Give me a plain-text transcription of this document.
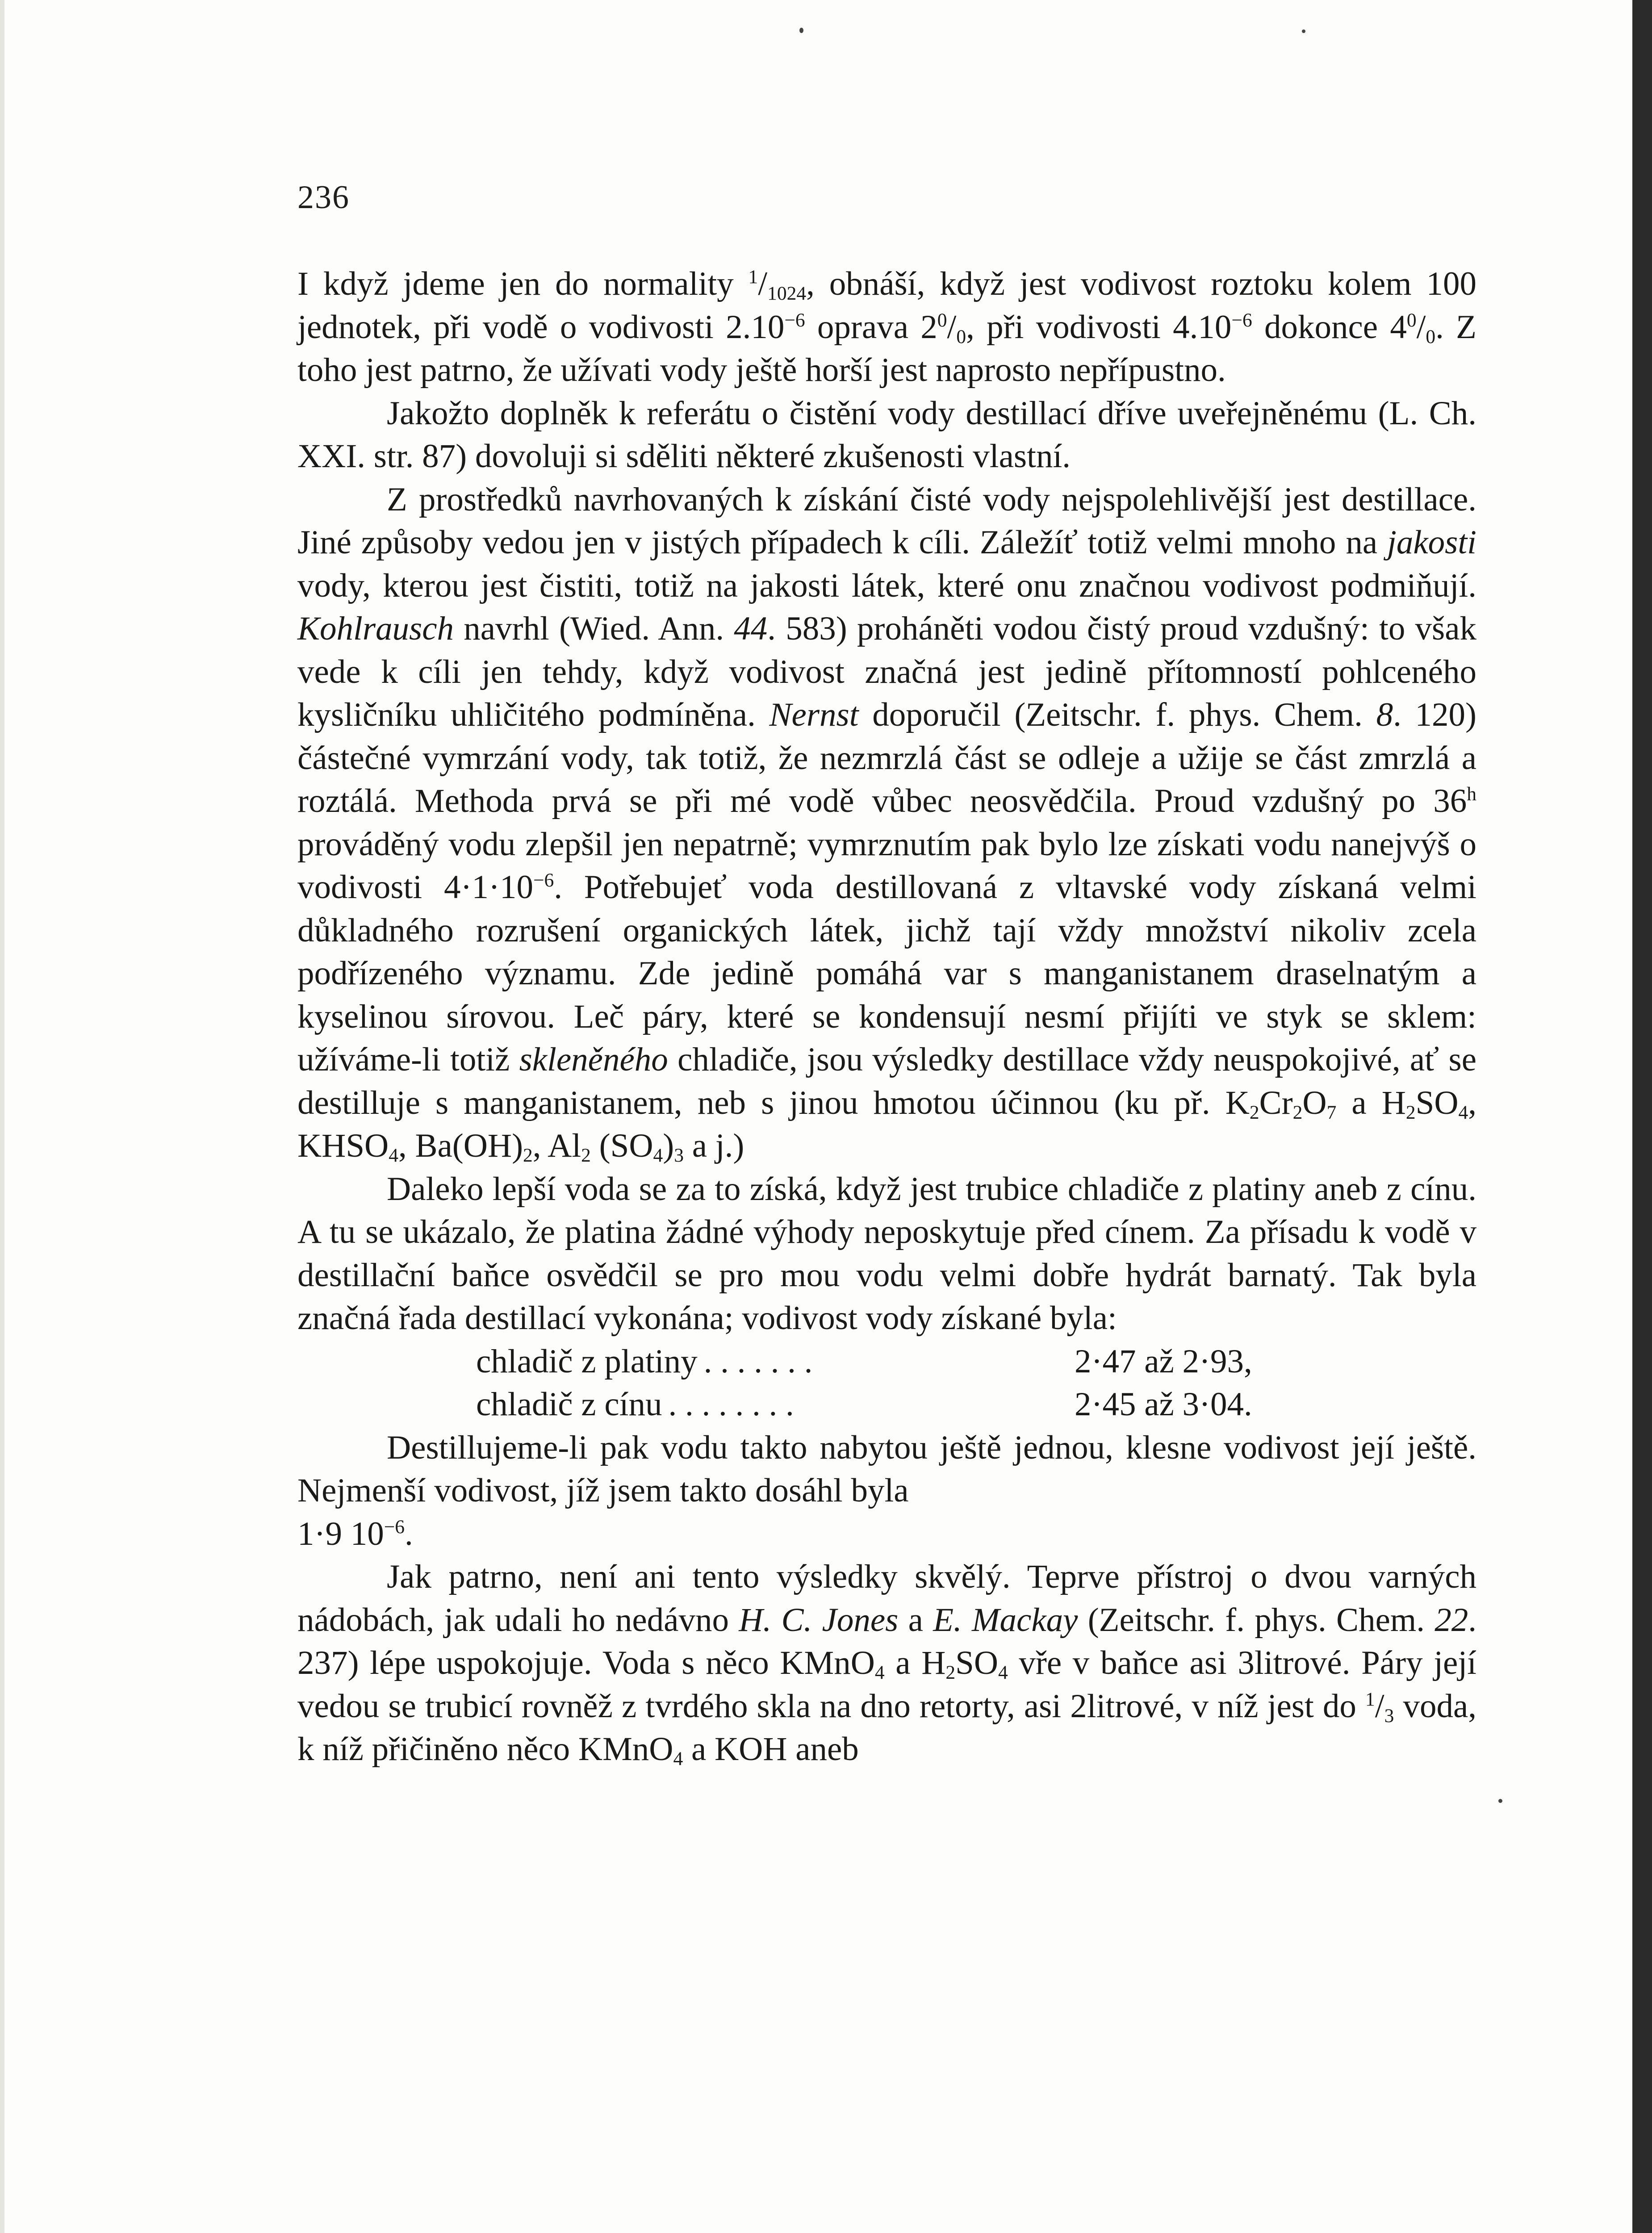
236

I když jdeme jen do normality $^1/_{1024}$, obnáší, když jest vodivost roztoku kolem 100 jednotek, při vodě o vodivosti $2.10^{-6}$ oprava $2^0/_0$, při vodivosti $4.10^{-6}$ dokonce $4^0/_0$. Z toho jest patrno, že užívati vody ještě horší jest naprosto nepřípustno.

Jakožto doplněk k referátu o čistění vody destillací dříve uveřejněnému (L. Ch. XXI. str. 87) dovoluji si sděliti některé zkušenosti vlastní.

Z prostředků navrhovaných k získání čisté vody nejspolehlivější jest destillace. Jiné způsoby vedou jen v jistých případech k cíli. Záležíť totiž velmi mnoho na jakosti vody, kterou jest čistiti, totiž na jakosti látek, které onu značnou vodivost podmiňují. Kohlrausch navrhl (Wied. Ann. 44. 583) proháněti vodou čistý proud vzdušný: to však vede k cíli jen tehdy, když vodivost značná jest jedině přítomností pohlceného kysličníku uhličitého podmíněna. Nernst doporučil (Zeitschr. f. phys. Chem. 8. 120) částečné vymrzání vody, tak totiž, že nezmrzlá část se odleje a užije se část zmrzlá a roztálá. Methoda prvá se při mé vodě vůbec neosvědčila. Proud vzdušný po 36$^h$ prováděný vodu zlepšil jen nepatrně; vymrznutím pak bylo lze získati vodu nanejvýš o vodivosti $4\cdot 1\cdot 10^{-6}$. Potřebujeť voda destillovaná z vltavské vody získaná velmi důkladného rozrušení organických látek, jichž tají vždy množství nikoliv zcela podřízeného významu. Zde jedině pomáhá var s manganistanem draselnatým a kyselinou sírovou. Leč páry, které se kondensují nesmí přijíti ve styk se sklem: užíváme-li totiž skleněného chladiče, jsou výsledky destillace vždy neuspokojivé, ať se destilluje s manganistanem, neb s jinou hmotou účinnou (ku př. $K_2Cr_2O_7$ a $H_2SO_4$, $KHSO_4$, $Ba(OH)_2$, $Al_2$ $(SO_4)_3$ a j.)

Daleko lepší voda se za to získá, když jest trubice chladiče z platiny aneb z cínu. A tu se ukázalo, že platina žádné výhody neposkytuje před cínem. Za přísadu k vodě v destillační baňce osvědčil se pro mou vodu velmi dobře hydrát barnatý. Tak byla značná řada destillací vykonána; vodivost vody získané byla:

chladič z platiny . . . . . . .	2·47 až 2·93,
chladič z cínu . . . . . . . .	2·45 až 3·04.

Destillujeme-li pak vodu takto nabytou ještě jednou, klesne vodivost její ještě. Nejmenší vodivost, jíž jsem takto dosáhl byla

1·9 $10^{-6}$.

Jak patrno, není ani tento výsledky skvělý. Teprve přístroj o dvou varných nádobách, jak udali ho nedávno H. C. Jones a E. Mackay (Zeitschr. f. phys. Chem. 22. 237) lépe uspokojuje. Voda s něco KMnO$_4$ a $H_2SO_4$ vře v baňce asi 3litrové. Páry její vedou se trubicí rovněž z tvrdého skla na dno retorty, asi 2litrové, v níž jest do $^1/_3$ voda, k níž přičiněno něco KMnO$_4$ a KOH aneb
